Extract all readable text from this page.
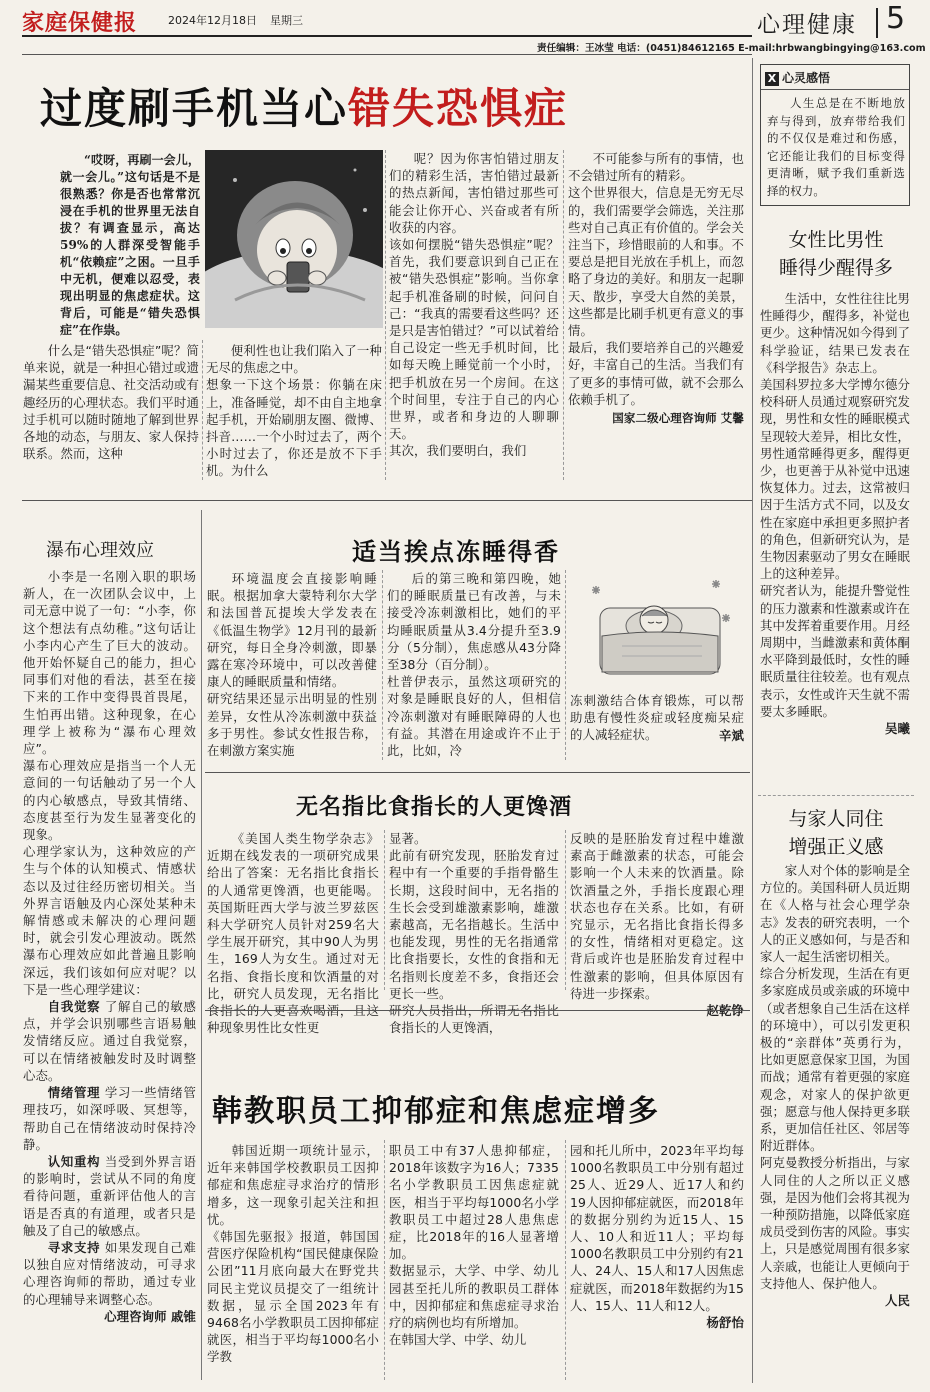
家庭保健报	2024年12月18日 星期三	心理健康 5
责任编辑：王冰莹 电话：(0451)84612165 E-mail:hrbwangbingying@163.com
过度刷手机当心错失恐惧症

“哎呀，再刷一会儿，就一会儿。”这句话是不是很熟悉？你是否也常常沉浸在手机的世界里无法自拔？有调查显示，高达59%的人群深受智能手机“依赖症”之困。一旦手中无机，便难以忍受，表现出明显的焦虑症状。这背后，可能是“错失恐惧症”在作祟。

什么是“错失恐惧症”呢？简单来说，就是一种担心错过或遗漏某些重要信息、社交活动或有趣经历的心理状态。我们平时通过手机可以随时随地了解到世界各地的动态，与朋友、家人保持联系。然而，这种

便利性也让我们陷入了一种无尽的焦虑之中。
想象一下这个场景：你躺在床上，准备睡觉，却不由自主地拿起手机，开始刷朋友圈、微博、抖音……一个小时过去了，两个小时过去了，你还是放不下手机。为什么

呢？因为你害怕错过朋友们的精彩生活，害怕错过最新的热点新闻，害怕错过那些可能会让你开心、兴奋或者有所收获的内容。
该如何摆脱“错失恐惧症”呢？首先，我们要意识到自己正在被“错失恐惧症”影响。当你拿起手机准备刷的时候，问问自己：“我真的需要看这些吗？还是只是害怕错过？”可以试着给自己设定一些无手机时间，比如每天晚上睡觉前一个小时，把手机放在另一个房间。在这个时间里，专注于自己的内心世界，或者和身边的人聊聊天。
其次，我们要明白，我们

不可能参与所有的事情，也不会错过所有的精彩。
这个世界很大，信息是无穷无尽的，我们需要学会筛选，关注那些对自己真正有价值的。学会关注当下，珍惜眼前的人和事。不要总是把目光放在手机上，而忽略了身边的美好。和朋友一起聊天、散步，享受大自然的美景，这些都是比刷手机更有意义的事情。
最后，我们要培养自己的兴趣爱好，丰富自己的生活。当我们有了更多的事情可做，就不会那么依赖手机了。

国家二级心理咨询师 艾馨
X 心灵感悟

人生总是在不断地放弃与得到，放弃带给我们的不仅仅是难过和伤感，它还能让我们的目标变得更清晰，赋予我们重新选择的权力。

女性比男性
睡得少醒得多

生活中，女性往往比男性睡得少，醒得多，补觉也更少。这种情况如今得到了科学验证，结果已发表在《科学报告》杂志上。
美国科罗拉多大学博尔德分校科研人员通过观察研究发现，男性和女性的睡眠模式呈现较大差异，相比女性，男性通常睡得更多，醒得更少，也更善于从补觉中迅速恢复体力。过去，这常被归因于生活方式不同，以及女性在家庭中承担更多照护者的角色，但新研究认为，是生物因素驱动了男女在睡眠上的这种差异。
研究者认为，能提升警觉性的压力激素和性激素或许在其中发挥着重要作用。月经周期中，当雌激素和黄体酮水平降到最低时，女性的睡眠质量往往较差。也有观点表示，女性或许天生就不需要太多睡眠。

吴曦
与家人同住
增强正义感

家人对个体的影响是全方位的。美国科研人员近期在《人格与社会心理学杂志》发表的研究表明，一个人的正义感如何，与是否和家人一起生活密切相关。
综合分析发现，生活在有更多家庭成员或亲戚的环境中（或者想象自己生活在这样的环境中），可以引发更积极的“亲群体”英勇行为，比如更愿意保家卫国，为国而战；通常有着更强的家庭观念，对家人的保护欲更强；愿意与他人保持更多联系，更加信任社区、邻居等附近群体。
阿克曼教授分析指出，与家人同住的人之所以正义感强，是因为他们会将其视为一种预防措施，以降低家庭成员受到伤害的风险。事实上，只是感觉周围有很多家人亲戚，也能让人更倾向于支持他人、保护他人。

人民
瀑布心理效应

小李是一名刚入职的职场新人，在一次团队会议中，上司无意中说了一句：“小李，你这个想法有点幼稚。”这句话让小李内心产生了巨大的波动。他开始怀疑自己的能力，担心同事们对他的看法，甚至在接下来的工作中变得畏首畏尾，生怕再出错。这种现象，在心理学上被称为“瀑布心理效应”。
瀑布心理效应是指当一个人无意间的一句话触动了另一个人的内心敏感点，导致其情绪、态度甚至行为发生显著变化的现象。
心理学家认为，这种效应的产生与个体的认知模式、情感状态以及过往经历密切相关。当外界言语触及内心深处某种未解情感或未解决的心理问题时，就会引发心理波动。既然瀑布心理效应如此普遍且影响深远，我们该如何应对呢？以下是一些心理学建议：

自我觉察 了解自己的敏感点，并学会识别哪些言语易触发情绪反应。通过自我觉察，可以在情绪被触发时及时调整心态。

情绪管理 学习一些情绪管理技巧，如深呼吸、冥想等，帮助自己在情绪波动时保持冷静。

认知重构 当受到外界言语的影响时，尝试从不同的角度看待问题，重新评估他人的言语是否真的有道理，或者只是触及了自己的敏感点。

寻求支持 如果发现自己难以独自应对情绪波动，可寻求心理咨询师的帮助，通过专业的心理辅导来调整心态。

心理咨询师 戚锥
适当挨点冻睡得香

环境温度会直接影响睡眠。根据加拿大蒙特利尔大学和法国普瓦提埃大学发表在《低温生物学》12月刊的最新研究，每日全身冷刺激，即暴露在寒冷环境中，可以改善健康人的睡眠质量和情绪。
研究结果还显示出明显的性别差异，女性从冷冻刺激中获益多于男性。参试女性报告称，在刺激方案实施

后的第三晚和第四晚，她们的睡眠质量已有改善，与未接受冷冻刺激相比，她们的平均睡眠质量从3.4分提升至3.9分（5分制），焦虑感从43分降至38分（百分制）。
杜普伊表示，虽然这项研究的对象是睡眠良好的人，但相信冷冻刺激对有睡眠障碍的人也有益。其潜在用途或许不止于此，比如，冷

冻刺激结合体育锻炼，可以帮助患有慢性炎症或轻度痴呆症的人减轻症状。	辛斌
无名指比食指长的人更馋酒

《美国人类生物学杂志》近期在线发表的一项研究成果给出了答案：无名指比食指长的人通常更馋酒，也更能喝。英国斯旺西大学与波兰罗兹医科大学研究人员针对259名大学生展开研究，其中90人为男生，169人为女生。通过对无名指、食指长度和饮酒量的对比，研究人员发现，无名指比食指长的人更喜欢喝酒，且这种现象男性比女性更

显著。
此前有研究发现，胚胎发育过程中有一个重要的手指骨骼生长期，这段时间中，无名指的生长会受到雄激素影响，雄激素越高，无名指越长。生活中也能发现，男性的无名指通常比食指要长，女性的食指和无名指则长度差不多，食指还会更长一些。
研究人员指出，所谓无名指比食指长的人更馋酒，

反映的是胚胎发育过程中雄激素高于雌激素的状态，可能会影响一个人未来的饮酒量。除饮酒量之外，手指长度跟心理状态也存在关系。比如，有研究显示，无名指比食指长得多的女性，情绪相对更稳定。这背后或许也是胚胎发育过程中性激素的影响，但具体原因有待进一步探索。

赵乾铮
韩教职员工抑郁症和焦虑症增多

韩国近期一项统计显示，近年来韩国学校教职员工因抑郁症和焦虑症寻求治疗的情形增多，这一现象引起关注和担忧。
《韩国先驱报》报道，韩国国营医疗保险机构“国民健康保险公团”11月底向最大在野党共同民主党议员提交了一组统计数据，显示全国2023年有9468名小学教职员工因抑郁症就医，相当于平均每1000名小学教

职员工中有37人患抑郁症，2018年该数字为16人；7335名小学教职员工因焦虑症就医，相当于平均每1000名小学教职员工中超过28人患焦虑症，比2018年的16人显著增加。
数据显示，大学、中学、幼儿园甚至托儿所的教职员工群体中，因抑郁症和焦虑症寻求治疗的病例也均有所增加。
在韩国大学、中学、幼儿

园和托儿所中，2023年平均每1000名教职员工中分别有超过25人、近29人、近17人和约19人因抑郁症就医，而2018年的数据分别约为近15人、15人、10人和近11人；平均每1000名教职员工中分别约有21人、24人、15人和17人因焦虑症就医，而2018年数据约为15人、15人、11人和12人。

杨舒怡
